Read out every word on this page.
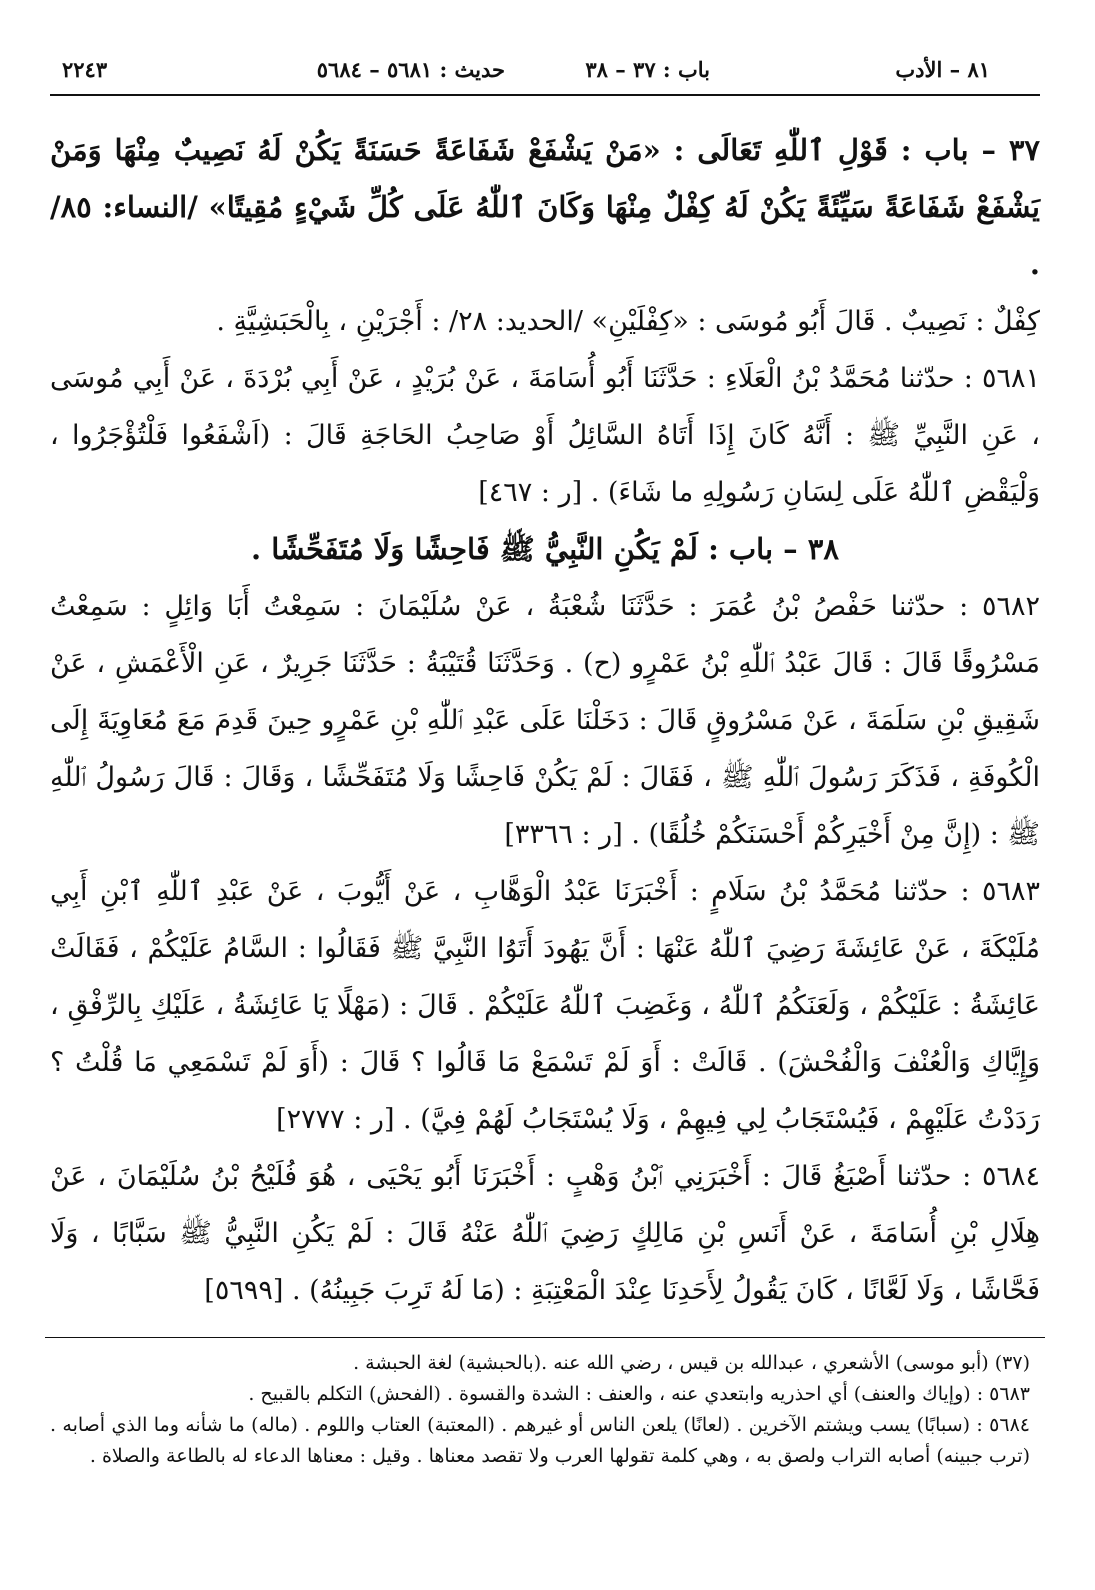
٨١ – الأدب
باب : ٣٧ – ٣٨
حديث : ٥٦٨١ – ٥٦٨٤
٢٢٤٣

٣٧ – باب : قَوْلِ ٱللّٰهِ تَعَالَى : «مَنْ يَشْفَعْ شَفَاعَةً حَسَنَةً يَكُنْ لَهُ نَصِيبٌ مِنْهَا وَمَنْ يَشْفَعْ شَفَاعَةً سَيِّئَةً يَكُنْ لَهُ كِفْلٌ مِنْهَا وَكَانَ ٱللّٰهُ عَلَى كُلِّ شَيْءٍ مُقِيتًا» /النساء: ٨٥/ .

كِفْلٌ : نَصِيبٌ . قَالَ أَبُو مُوسَى : «كِفْلَيْنِ» /الحديد: ٢٨/ : أَجْرَيْنِ ، بِالْحَبَشِيَّةِ .

٥٦٨١ : حدّثنا مُحَمَّدُ بْنُ الْعَلَاءِ : حَدَّثَنَا أَبُو أُسَامَةَ ، عَنْ بُرَيْدٍ ، عَنْ أَبِي بُرْدَةَ ، عَنْ أَبِي مُوسَى ، عَنِ النَّبِيِّ ﷺ : أَنَّهُ كَانَ إِذَا أَتَاهُ السَّائِلُ أَوْ صَاحِبُ الحَاجَةِ قَالَ : (اَشْفَعُوا فَلْتُؤْجَرُوا ، وَلْيَقْضِ ٱللّٰهُ عَلَى لِسَانِ رَسُولِهِ ما شَاءَ) . [ر : ٤٦٧]

٣٨ – باب : لَمْ يَكُنِ النَّبِيُّ ﷺ فَاحِشًا وَلَا مُتَفَحِّشًا .

٥٦٨٢ : حدّثنا حَفْصُ بْنُ عُمَرَ : حَدَّثَنَا شُعْبَةُ ، عَنْ سُلَيْمَانَ : سَمِعْتُ أَبَا وَائِلٍ : سَمِعْتُ مَسْرُوقًا قَالَ : قَالَ عَبْدُ ٱللّٰهِ بْنُ عَمْرٍو (ح) . وَحَدَّثَنَا قُتَيْبَةُ : حَدَّثَنَا جَرِيرٌ ، عَنِ الْأَعْمَشِ ، عَنْ شَقِيقِ بْنِ سَلَمَةَ ، عَنْ مَسْرُوقٍ قَالَ : دَخَلْنَا عَلَى عَبْدِ ٱللّٰهِ بْنِ عَمْرٍو حِينَ قَدِمَ مَعَ مُعَاوِيَةَ إِلَى الْكُوفَةِ ، فَذَكَرَ رَسُولَ ٱللّٰهِ ﷺ ، فَقَالَ : لَمْ يَكُنْ فَاحِشًا وَلَا مُتَفَحِّشًا ، وَقَالَ : قَالَ رَسُولُ ٱللّٰهِ ﷺ : (إِنَّ مِنْ أَخْيَرِكُمْ أَحْسَنَكُمْ خُلُقًا) . [ر : ٣٣٦٦]

٥٦٨٣ : حدّثنا مُحَمَّدُ بْنُ سَلَامٍ : أَخْبَرَنَا عَبْدُ الْوَهَّابِ ، عَنْ أَيُّوبَ ، عَنْ عَبْدِ ٱللّٰهِ ٱبْنِ أَبِي مُلَيْكَةَ ، عَنْ عَائِشَةَ رَضِيَ ٱللّٰهُ عَنْهَا : أَنَّ يَهُودَ أَتَوُا النَّبِيَّ ﷺ فَقَالُوا : السَّامُ عَلَيْكُمْ ، فَقَالَتْ عَائِشَةُ : عَلَيْكُمْ ، وَلَعَنَكُمُ ٱللّٰهُ ، وَغَضِبَ ٱللّٰهُ عَلَيْكُمْ . قَالَ : (مَهْلًا يَا عَائِشَةُ ، عَلَيْكِ بِالرِّفْقِ ، وَإِيَّاكِ وَالْعُنْفَ وَالْفُحْشَ) . قَالَتْ : أَوَ لَمْ تَسْمَعْ مَا قَالُوا ؟ قَالَ : (أَوَ لَمْ تَسْمَعِي مَا قُلْتُ ؟ رَدَدْتُ عَلَيْهِمْ ، فَيُسْتَجَابُ لِي فِيهِمْ ، وَلَا يُسْتَجَابُ لَهُمْ فِيَّ) . [ر : ٢٧٧٧]

٥٦٨٤ : حدّثنا أَصْبَغُ قَالَ : أَخْبَرَنِي ٱبْنُ وَهْبٍ : أَخْبَرَنَا أَبُو يَحْيَى ، هُوَ فُلَيْحُ بْنُ سُلَيْمَانَ ، عَنْ هِلَالِ بْنِ أُسَامَةَ ، عَنْ أَنَسِ بْنِ مَالِكٍ رَضِيَ ٱللّٰهُ عَنْهُ قَالَ : لَمْ يَكُنِ النَّبِيُّ ﷺ سَبَّابًا ، وَلَا فَحَّاشًا ، وَلَا لَعَّانًا ، كَانَ يَقُولُ لِأَحَدِنَا عِنْدَ الْمَعْتِبَةِ : (مَا لَهُ تَرِبَ جَبِينُهُ) . [٥٦٩٩]

(٣٧) (أبو موسى) الأشعري ، عبدالله بن قيس ، رضي الله عنه .(بالحبشية) لغة الحبشة .

٥٦٨٣ : (وإياك والعنف) أي احذريه وابتعدي عنه ، والعنف : الشدة والقسوة . (الفحش) التكلم بالقبيح .

٥٦٨٤ : (سبابًا) يسب ويشتم الآخرين . (لعانًا) يلعن الناس أو غيرهم . (المعتبة) العتاب واللوم . (ماله) ما شأنه وما الذي أصابه . (ترب جبينه) أصابه التراب ولصق به ، وهي كلمة تقولها العرب ولا تقصد معناها . وقيل : معناها الدعاء له بالطاعة والصلاة .
